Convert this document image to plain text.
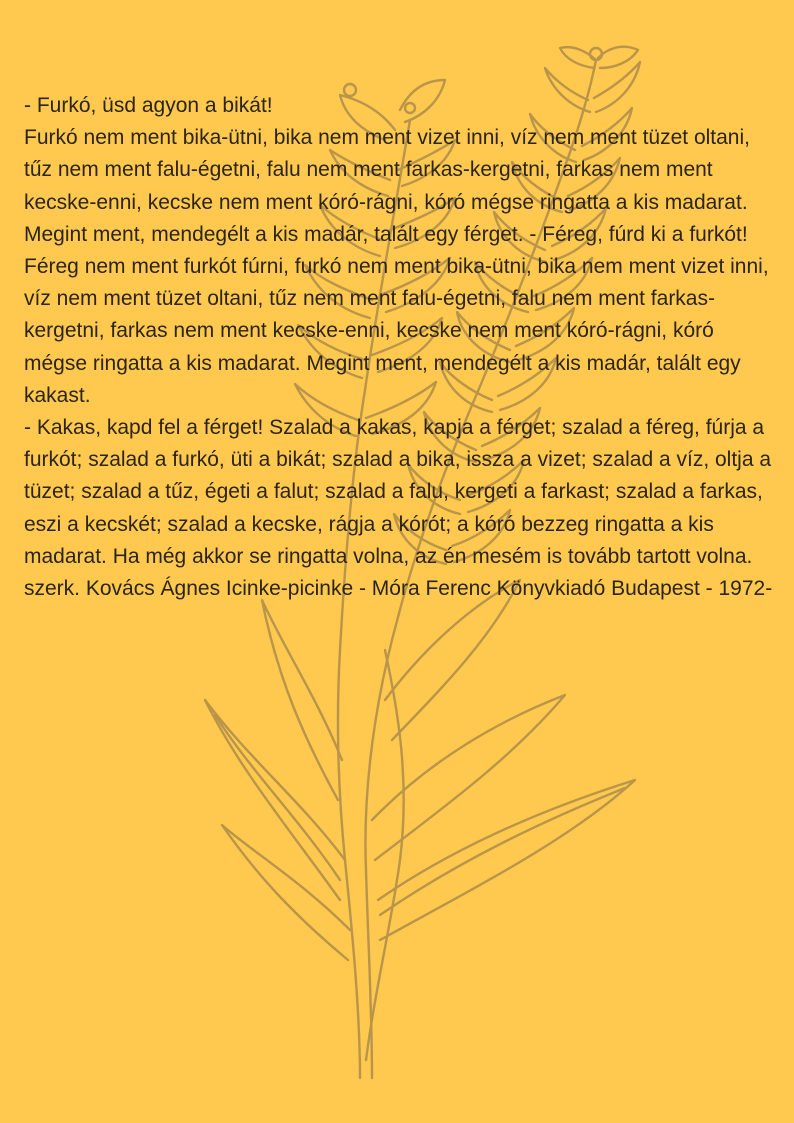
- Furkó, üsd agyon a bikát!
Furkó nem ment bika-ütni, bika nem ment vizet inni, víz nem ment tüzet oltani, tűz nem ment falu-égetni, falu nem ment farkas-kergetni, farkas nem ment kecske-enni, kecske nem ment kóró-rágni, kóró mégse ringatta a kis madarat. Megint ment, mendegélt a kis madár, talált egy férget. - Féreg, fúrd ki a furkót! Féreg nem ment furkót fúrni, furkó nem ment bika-ütni, bika nem ment vizet inni, víz nem ment tüzet oltani, tűz nem ment falu-égetni, falu nem ment farkas-kergetni, farkas nem ment kecske-enni, kecske nem ment kóró-rágni, kóró mégse ringatta a kis madarat. Megint ment, mendegélt a kis madár, talált egy kakast.
- Kakas, kapd fel a férget! Szalad a kakas, kapja a férget; szalad a féreg, fúrja a furkót; szalad a furkó, üti a bikát; szalad a bika, issza a vizet; szalad a víz, oltja a tüzet; szalad a tűz, égeti a falut; szalad a falu, kergeti a farkast; szalad a farkas, eszi a kecskét; szalad a kecske, rágja a kórót; a kóró bezzeg ringatta a kis madarat. Ha még akkor se ringatta volna, az én mesém is tovább tartott volna. szerk. Kovács Ágnes Icinke-picinke - Móra Ferenc Könyvkiadó Budapest - 1972-
